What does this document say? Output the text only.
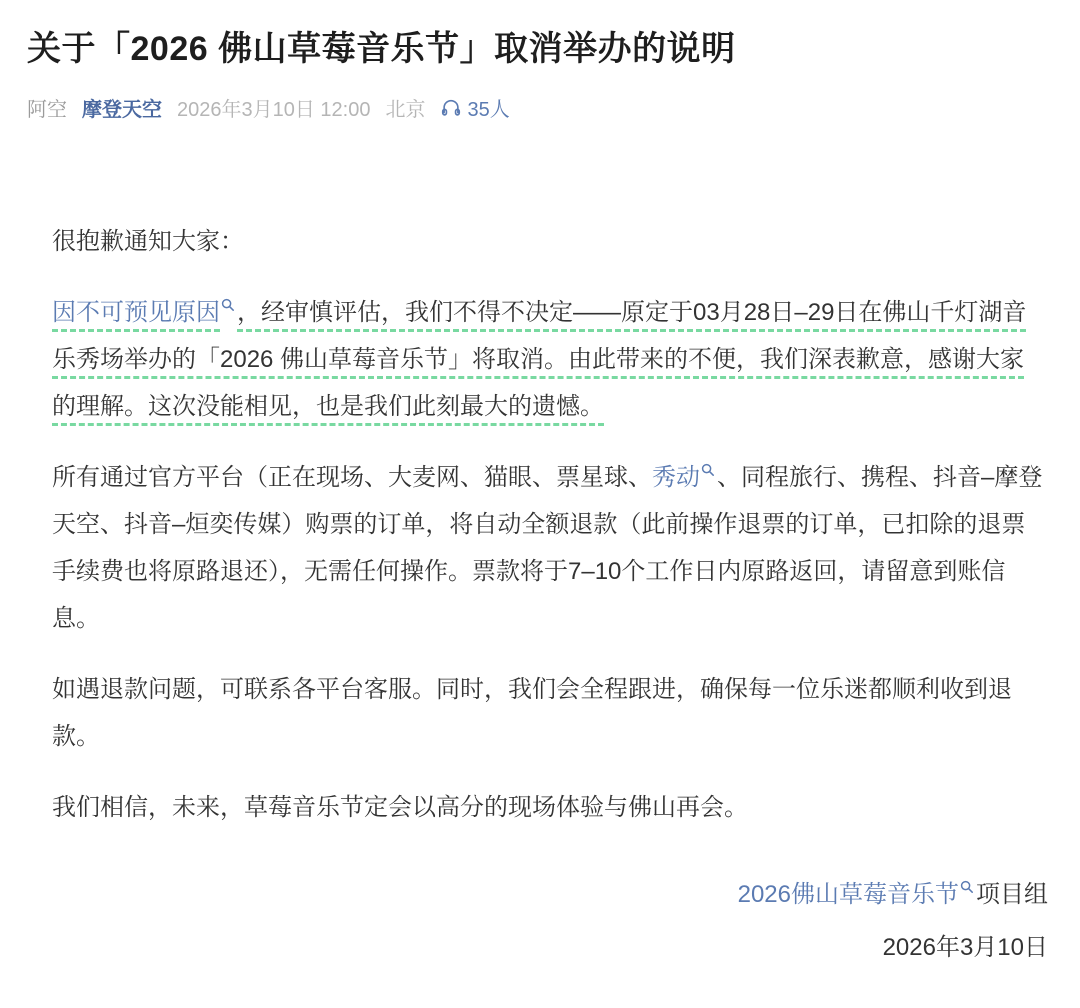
关于「2026 佛山草莓音乐节」取消举办的说明
阿空 摩登天空 2026年3月10日 12:00 北京 35人

很抱歉通知大家：

因不可预见原因 ，经审慎评估，我们不得不决定——原定于03月28日–29日在佛山千灯湖音乐秀场举办的「2026 佛山草莓音乐节」将取消。由此带来的不便，我们深表歉意，感谢大家的理解。这次没能相见，也是我们此刻最大的遗憾。

所有通过官方平台（正在现场、大麦网、猫眼、票星球、秀动 、同程旅行、携程、抖音–摩登天空、抖音–烜奕传媒）购票的订单，将自动全额退款（此前操作退票的订单，已扣除的退票手续费也将原路退还），无需任何操作。票款将于7–10个工作日内原路返回，请留意到账信息。

如遇退款问题，可联系各平台客服。同时，我们会全程跟进，确保每一位乐迷都顺利收到退款。

我们相信，未来，草莓音乐节定会以高分的现场体验与佛山再会。

2026佛山草莓音乐节 项目组

2026年3月10日
